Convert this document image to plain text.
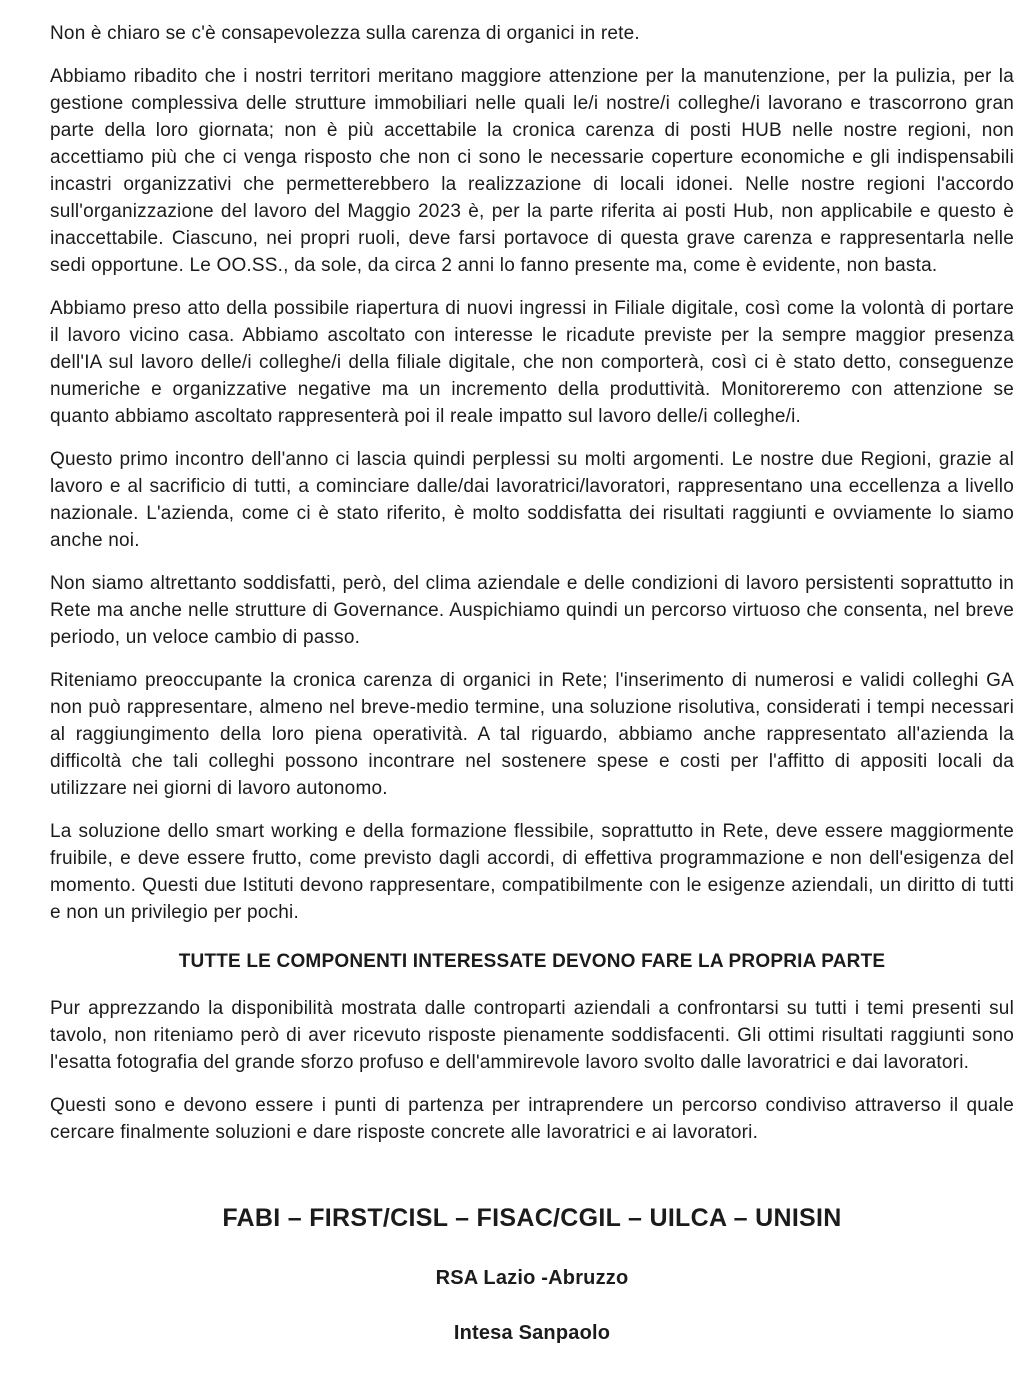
Non è chiaro se c'è consapevolezza sulla carenza di organici in rete.

Abbiamo ribadito che i nostri territori meritano maggiore attenzione per la manutenzione, per la pulizia, per la gestione complessiva delle strutture immobiliari nelle quali le/i nostre/i colleghe/i lavorano e trascorrono gran parte della loro giornata; non è più accettabile la cronica carenza di posti HUB nelle nostre regioni, non accettiamo più che ci venga risposto che non ci sono le necessarie coperture economiche e gli indispensabili incastri organizzativi che permetterebbero la realizzazione di locali idonei. Nelle nostre regioni l'accordo sull'organizzazione del lavoro del Maggio 2023 è, per la parte riferita ai posti Hub, non applicabile e questo è inaccettabile. Ciascuno, nei propri ruoli, deve farsi portavoce di questa grave carenza e rappresentarla nelle sedi opportune. Le OO.SS., da sole, da circa 2 anni lo fanno presente ma, come è evidente, non basta.

Abbiamo preso atto della possibile riapertura di nuovi ingressi in Filiale digitale, così come la volontà di portare il lavoro vicino casa. Abbiamo ascoltato con interesse le ricadute previste per la sempre maggior presenza dell'IA sul lavoro delle/i colleghe/i della filiale digitale, che non comporterà, così ci è stato detto, conseguenze numeriche e organizzative negative ma un incremento della produttività. Monitoreremo con attenzione se quanto abbiamo ascoltato rappresenterà poi il reale impatto sul lavoro delle/i colleghe/i.

Questo primo incontro dell'anno ci lascia quindi perplessi su molti argomenti. Le nostre due Regioni, grazie al lavoro e al sacrificio di tutti, a cominciare dalle/dai lavoratrici/lavoratori, rappresentano una eccellenza a livello nazionale. L'azienda, come ci è stato riferito, è molto soddisfatta dei risultati raggiunti e ovviamente lo siamo anche noi.

Non siamo altrettanto soddisfatti, però, del clima aziendale e delle condizioni di lavoro persistenti soprattutto in Rete ma anche nelle strutture di Governance. Auspichiamo quindi un percorso virtuoso che consenta, nel breve periodo, un veloce cambio di passo.

Riteniamo preoccupante la cronica carenza di organici in Rete; l'inserimento di numerosi e validi colleghi GA non può rappresentare, almeno nel breve-medio termine, una soluzione risolutiva, considerati i tempi necessari al raggiungimento della loro piena operatività. A tal riguardo, abbiamo anche rappresentato all'azienda la difficoltà che tali colleghi possono incontrare nel sostenere spese e costi per l'affitto di appositi locali da utilizzare nei giorni di lavoro autonomo.

La soluzione dello smart working e della formazione flessibile, soprattutto in Rete, deve essere maggiormente fruibile, e deve essere frutto, come previsto dagli accordi, di effettiva programmazione e non dell'esigenza del momento. Questi due Istituti devono rappresentare, compatibilmente con le esigenze aziendali, un diritto di tutti e non un privilegio per pochi.

TUTTE LE COMPONENTI INTERESSATE DEVONO FARE LA PROPRIA PARTE

Pur apprezzando la disponibilità mostrata dalle controparti aziendali a confrontarsi su tutti i temi presenti sul tavolo, non riteniamo però di aver ricevuto risposte pienamente soddisfacenti. Gli ottimi risultati raggiunti sono l'esatta fotografia del grande sforzo profuso e dell'ammirevole lavoro svolto dalle lavoratrici e dai lavoratori.

Questi sono e devono essere i punti di partenza per intraprendere un percorso condiviso attraverso il quale cercare finalmente soluzioni e dare risposte concrete alle lavoratrici e ai lavoratori.

FABI – FIRST/CISL – FISAC/CGIL – UILCA – UNISIN

RSA Lazio -Abruzzo

Intesa Sanpaolo
